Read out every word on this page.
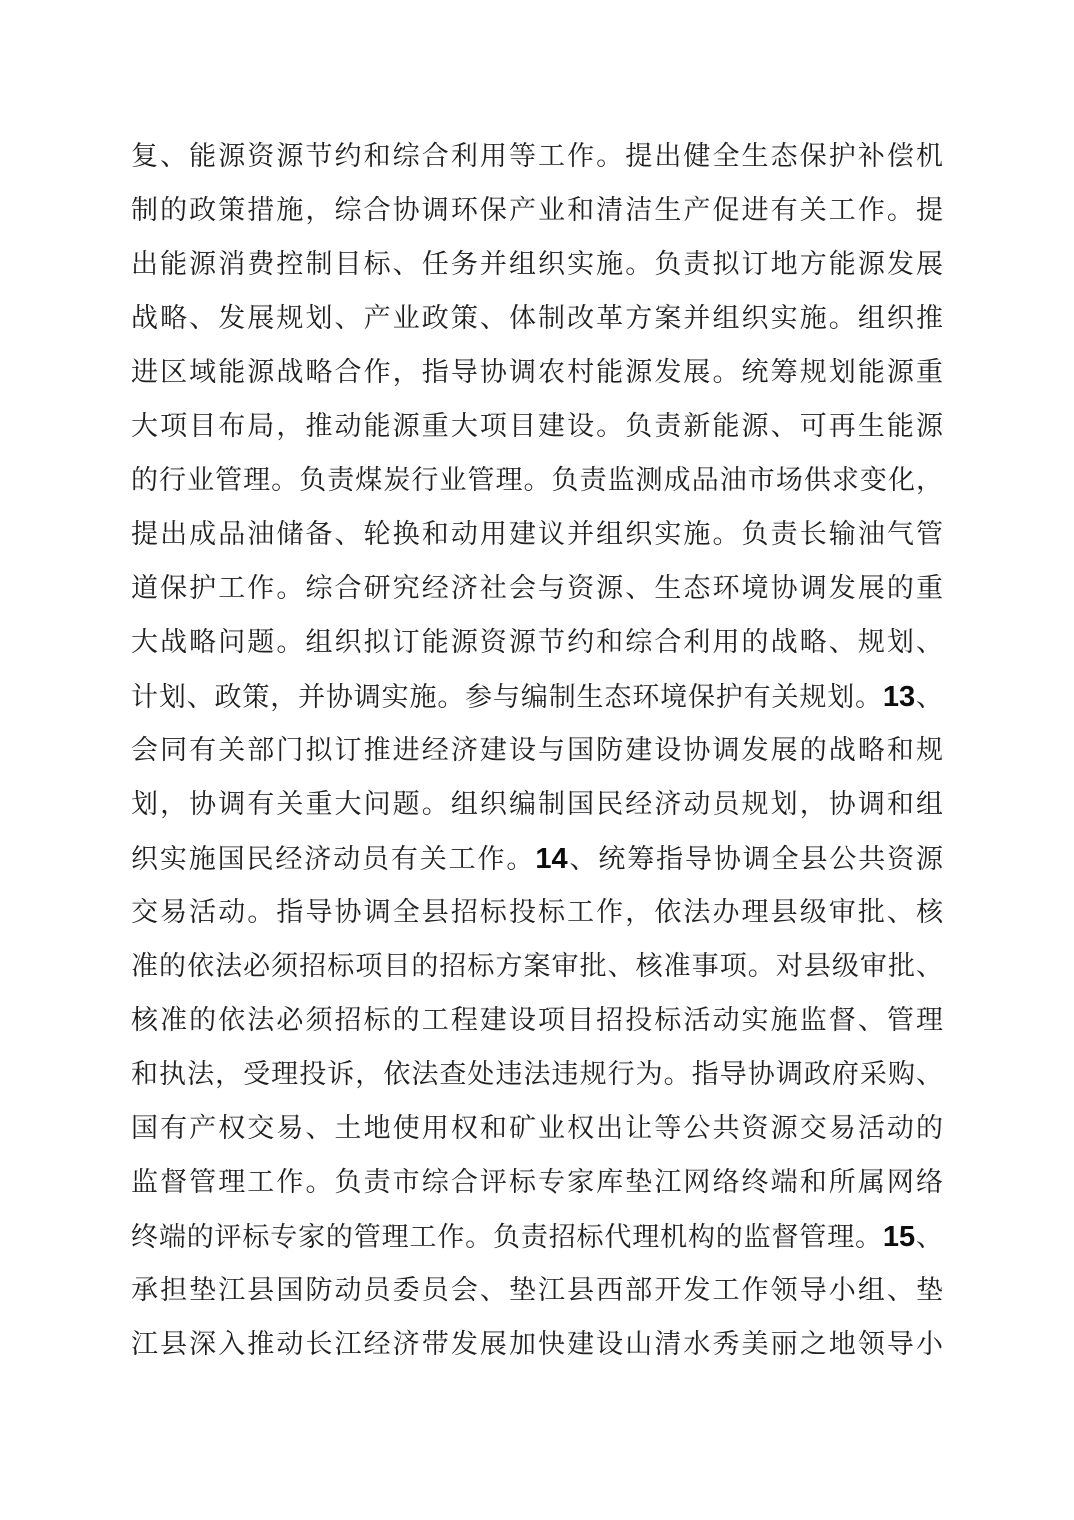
复、能源资源节约和综合利用等工作。提出健全生态保护补偿机
制的政策措施，综合协调环保产业和清洁生产促进有关工作。提
出能源消费控制目标、任务并组织实施。负责拟订地方能源发展
战略、发展规划、产业政策、体制改革方案并组织实施。组织推
进区域能源战略合作，指导协调农村能源发展。统筹规划能源重
大项目布局，推动能源重大项目建设。负责新能源、可再生能源
的行业管理。负责煤炭行业管理。负责监测成品油市场供求变化，
提出成品油储备、轮换和动用建议并组织实施。负责长输油气管
道保护工作。综合研究经济社会与资源、生态环境协调发展的重
大战略问题。组织拟订能源资源节约和综合利用的战略、规划、
计划、政策，并协调实施。参与编制生态环境保护有关规划。13、
会同有关部门拟订推进经济建设与国防建设协调发展的战略和规
划，协调有关重大问题。组织编制国民经济动员规划，协调和组
织实施国民经济动员有关工作。14、统筹指导协调全县公共资源
交易活动。指导协调全县招标投标工作，依法办理县级审批、核
准的依法必须招标项目的招标方案审批、核准事项。对县级审批、
核准的依法必须招标的工程建设项目招投标活动实施监督、管理
和执法，受理投诉，依法查处违法违规行为。指导协调政府采购、
国有产权交易、土地使用权和矿业权出让等公共资源交易活动的
监督管理工作。负责市综合评标专家库垫江网络终端和所属网络
终端的评标专家的管理工作。负责招标代理机构的监督管理。15、
承担垫江县国防动员委员会、垫江县西部开发工作领导小组、垫
江县深入推动长江经济带发展加快建设山清水秀美丽之地领导小
